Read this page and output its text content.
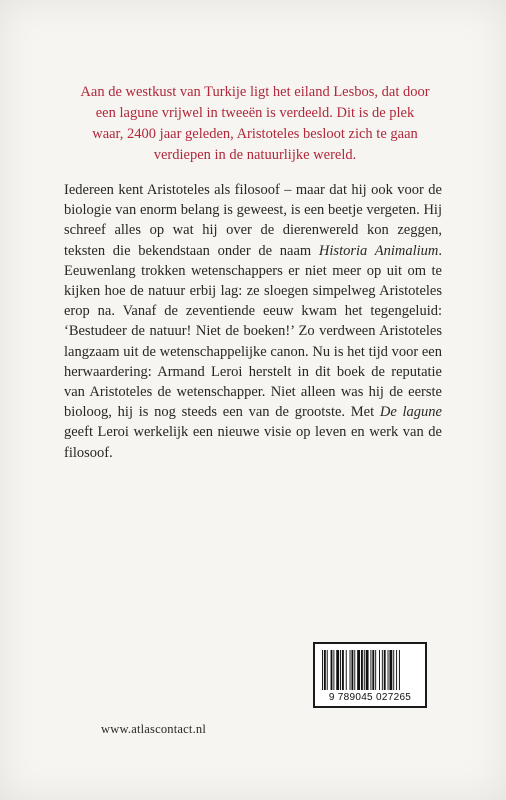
Aan de westkust van Turkije ligt het eiland Lesbos, dat door een lagune vrijwel in tweeën is verdeeld. Dit is de plek waar, 2400 jaar geleden, Aristoteles besloot zich te gaan verdiepen in de natuurlijke wereld.

Iedereen kent Aristoteles als filosoof – maar dat hij ook voor de biologie van enorm belang is geweest, is een beetje vergeten. Hij schreef alles op wat hij over de dierenwereld kon zeggen, teksten die bekendstaan onder de naam Historia Animalium. Eeuwenlang trokken wetenschappers er niet meer op uit om te kijken hoe de natuur erbij lag: ze sloegen simpelweg Aristoteles erop na. Vanaf de zeventiende eeuw kwam het tegengeluid: ‘Bestudeer de natuur! Niet de boeken!’ Zo verdween Aristoteles langzaam uit de wetenschappelijke canon. Nu is het tijd voor een herwaardering: Armand Leroi herstelt in dit boek de reputatie van Aristoteles de wetenschapper. Niet alleen was hij de eerste bioloog, hij is nog steeds een van de grootste. Met De lagune geeft Leroi werkelijk een nieuwe visie op leven en werk van de filosoof.

www.atlascontact.nl
9 789045 027265
